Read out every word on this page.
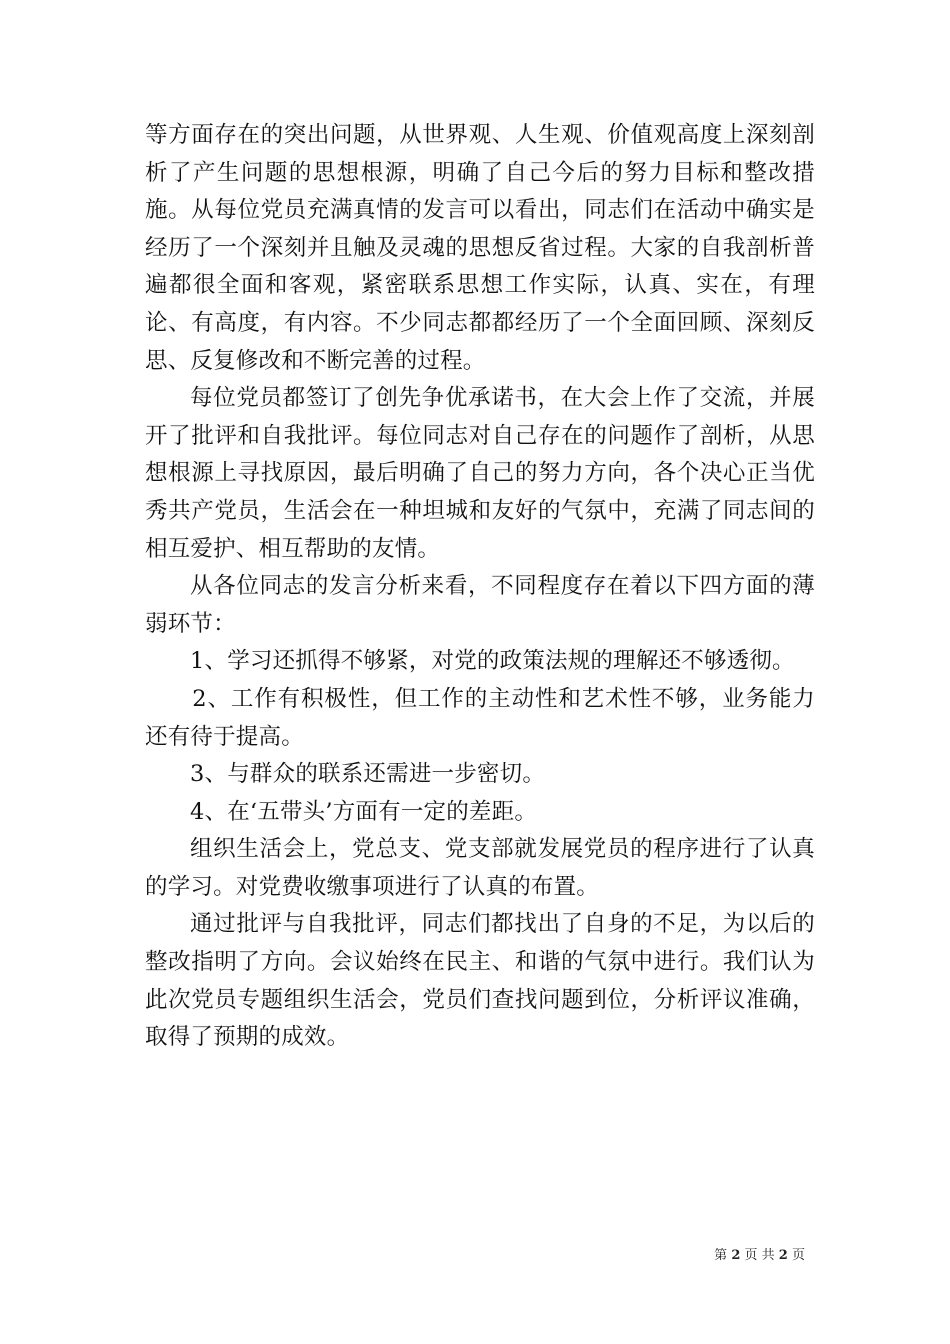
等方面存在的突出问题，从世界观、人生观、价值观高度上深刻剖析了产生问题的思想根源，明确了自己今后的努力目标和整改措施。从每位党员充满真情的发言可以看出，同志们在活动中确实是经历了一个深刻并且触及灵魂的思想反省过程。大家的自我剖析普遍都很全面和客观，紧密联系思想工作实际，认真、实在，有理论、有高度，有内容。不少同志都都经历了一个全面回顾、深刻反思、反复修改和不断完善的过程。

每位党员都签订了创先争优承诺书，在大会上作了交流，并展开了批评和自我批评。每位同志对自己存在的问题作了剖析，从思想根源上寻找原因，最后明确了自己的努力方向，各个决心正当优秀共产党员，生活会在一种坦城和友好的气氛中，充满了同志间的相互爱护、相互帮助的友情。

从各位同志的发言分析来看，不同程度存在着以下四方面的薄弱环节：

1、学习还抓得不够紧，对党的政策法规的理解还不够透彻。

2、工作有积极性，但工作的主动性和艺术性不够，业务能力还有待于提高。

3、与群众的联系还需进一步密切。

4、在‘五带头’方面有一定的差距。

组织生活会上，党总支、党支部就发展党员的程序进行了认真的学习。对党费收缴事项进行了认真的布置。

通过批评与自我批评，同志们都找出了自身的不足，为以后的整改指明了方向。会议始终在民主、和谐的气氛中进行。我们认为此次党员专题组织生活会，党员们查找问题到位，分析评议准确，取得了预期的成效。

第 2 页 共 2 页
